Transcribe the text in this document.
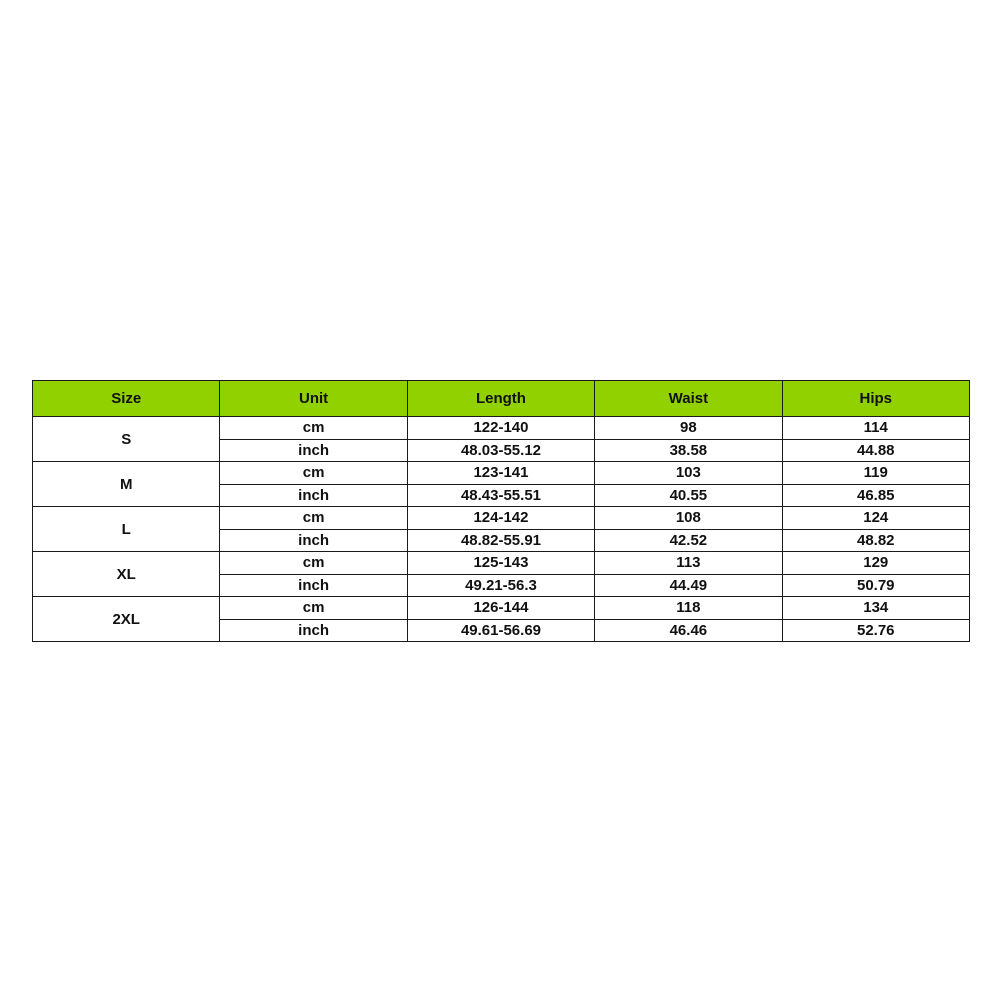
Size	Unit	Length	Waist	Hips
S	cm	122-140	98	114
	inch	48.03-55.12	38.58	44.88
M	cm	123-141	103	119
	inch	48.43-55.51	40.55	46.85
L	cm	124-142	108	124
	inch	48.82-55.91	42.52	48.82
XL	cm	125-143	113	129
	inch	49.21-56.3	44.49	50.79
2XL	cm	126-144	118	134
	inch	49.61-56.69	46.46	52.76
